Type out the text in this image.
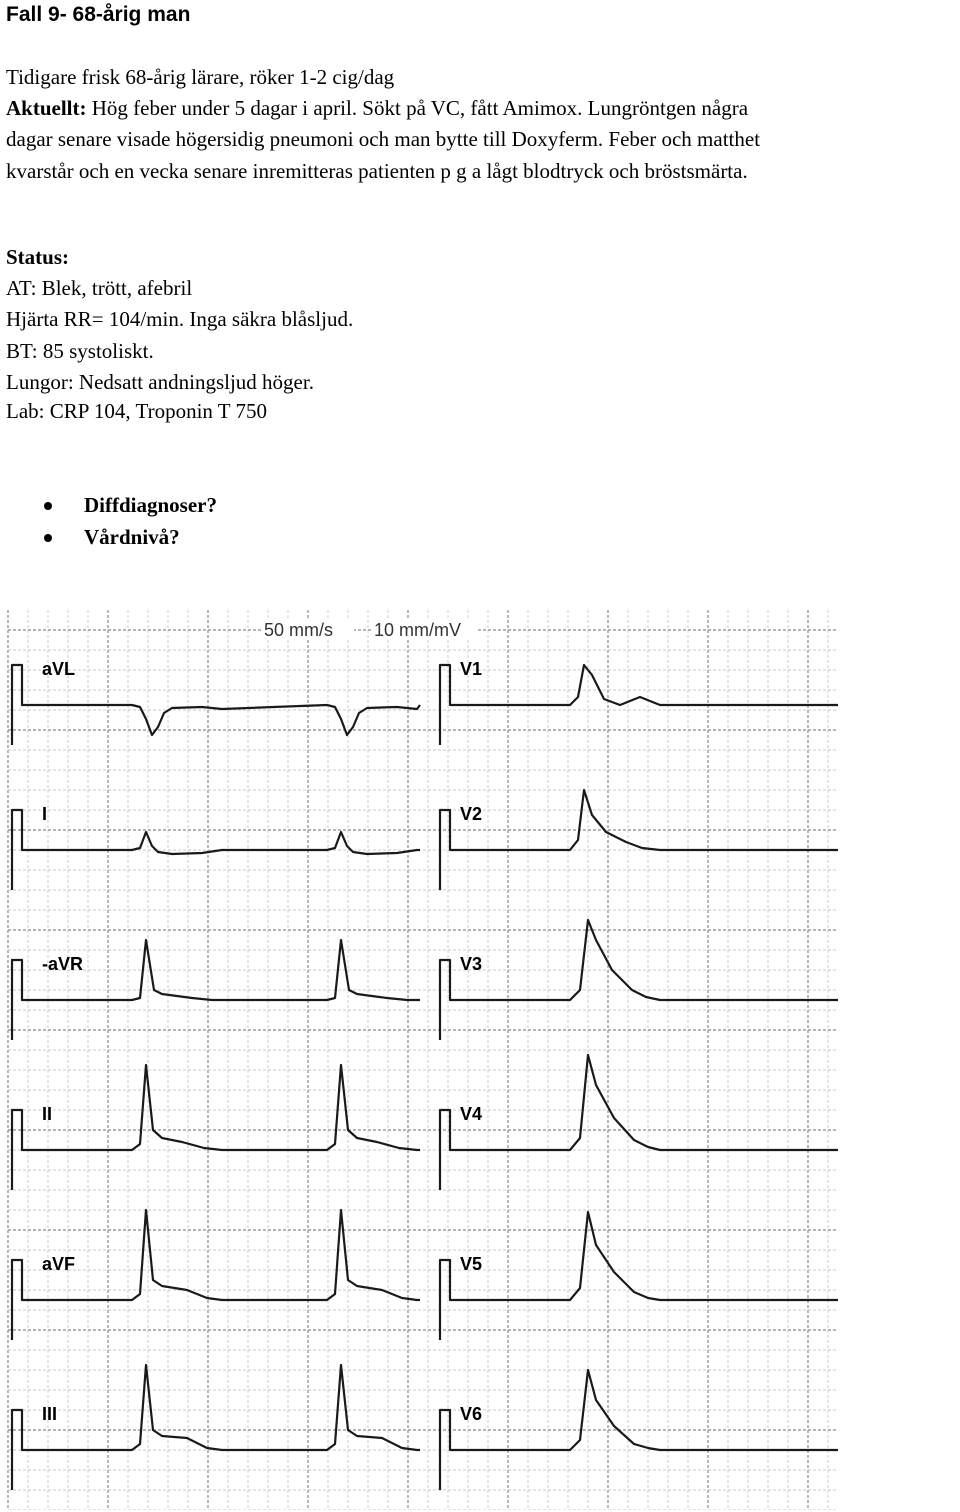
Fall 9- 68-årig man
Tidigare frisk 68-årig lärare, röker 1-2 cig/dag
Aktuellt: Hög feber under 5 dagar i april. Sökt på VC, fått Amimox. Lungröntgen några
dagar senare visade högersidig pneumoni och man bytte till Doxyferm. Feber och matthet
kvarstår och en vecka senare inremitteras patienten p g a lågt blodtryck och bröstsmärta.
Status:
AT: Blek, trött, afebril
Hjärta RR= 104/min. Inga säkra blåsljud.
BT: 85 systoliskt.
Lungor: Nedsatt andningsljud höger.
Lab: CRP 104, Troponin T 750
Diffdiagnoser?
Vårdnivå?
50 mm/s 10 mm/mV
aVL
I
-aVR
II
aVF
III
V1
V2
V3
V4
V5
V6
